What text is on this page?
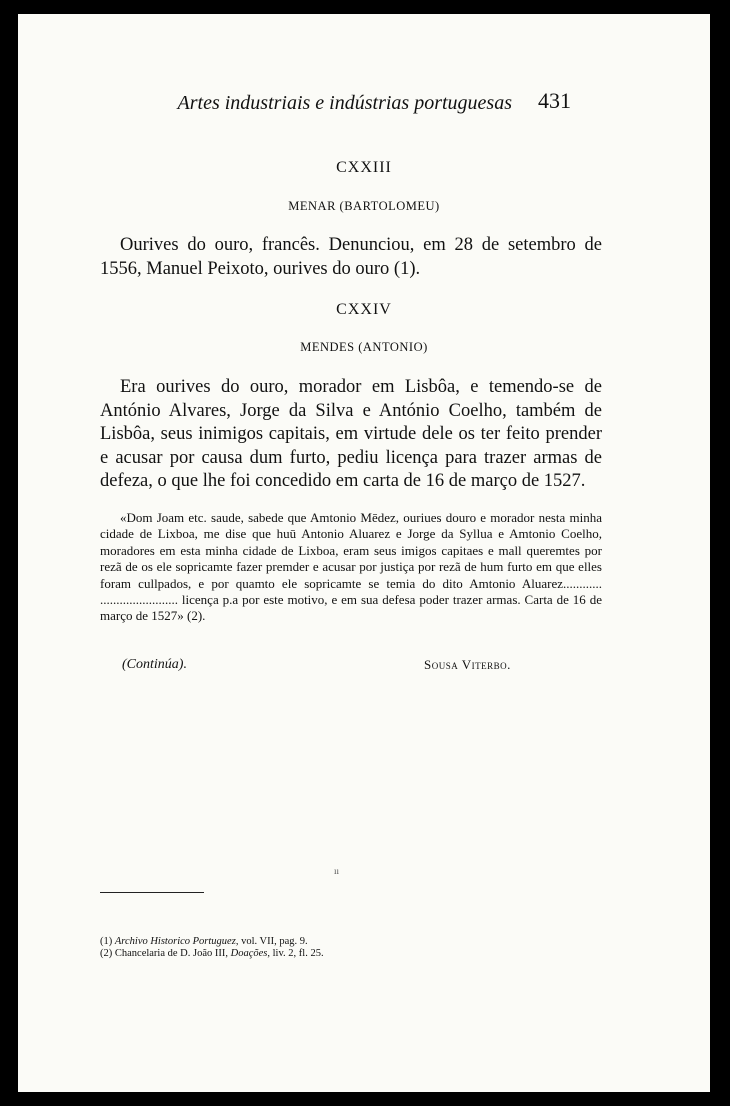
Artes industriais e indústrias portuguesas 431
CXXIII
MENAR (BARTOLOMEU)
Ourives do ouro, francês. Denunciou, em 28 de setembro de 1556, Manuel Peixoto, ourives do ouro (1).
CXXIV
MENDES (ANTONIO)
Era ourives do ouro, morador em Lisbôa, e temendo-se de António Alvares, Jorge da Silva e António Coelho, também de Lisbôa, seus inimigos capitais, em virtude dele os ter feito prender e acusar por causa dum furto, pediu licença para trazer armas de defeza, o que lhe foi concedido em carta de 16 de março de 1527.
«Dom Joam etc. saude, sabede que Amtonio Mēdez, ouriues douro e morador nesta minha cidade de Lixboa, me dise que huū Antonio Aluarez e Jorge da Syllua e Amtonio Coelho, moradores em esta minha cidade de Lixboa, eram seus imigos capitaes e mall queremtes por rezã de os ele sopricamte fazer premder e acusar por justiça por rezã de hum furto em que elles foram cullpados, e por quamto ele sopricamte se temia do dito Amtonio Aluarez............ ........................ licença p.a por este motivo, e em sua defesa poder trazer armas. Carta de 16 de março de 1527» (2).
(Continúa).	Sousa Viterbo.
ıı
(1) Archivo Historico Portuguez, vol. VII, pag. 9.
(2) Chancelaria de D. João III, Doações, liv. 2, fl. 25.
